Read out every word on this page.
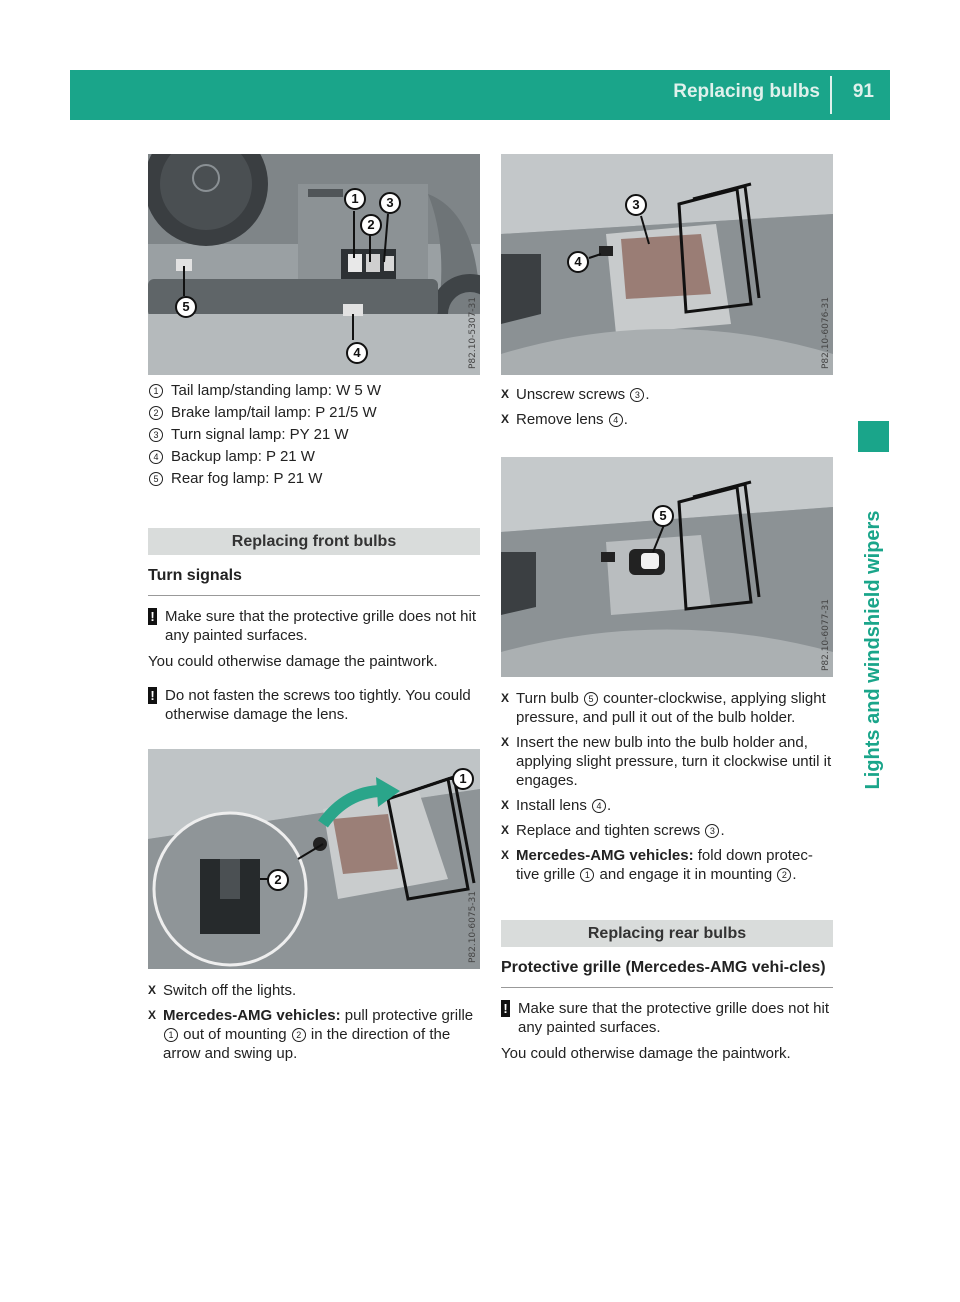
Replacing bulbs 91
Lights and windshield wipers
1
2
3
4
5	P82.10-5307-31
1 Tail lamp/standing lamp: W 5 W
2 Brake lamp/tail lamp: P 21/5 W
3 Turn signal lamp: PY 21 W
4 Backup lamp: P 21 W
5 Rear fog lamp: P 21 W
Replacing front bulbs
Turn signals
! Make sure that the protective grille does not hit any painted surfaces.

You could otherwise damage the paintwork.

! Do not fasten the screws too tightly. You could otherwise damage the lens.

1
2
P82.10-6075-31
X Switch off the lights.
X Mercedes-AMG vehicles: pull protective grille 1 out of mounting 2 in the direction of the arrow and swing up.
3
4
P82.10-6076-31
X Unscrew screws 3 .
X Remove lens 4 .
5
P82.10-6077-31
X Turn bulb 5 counter-clockwise, applying slight pressure, and pull it out of the bulb holder.
X Insert the new bulb into the bulb holder and, applying slight pressure, turn it clockwise until it engages.
X Install lens 4 .
X Replace and tighten screws 3 .
X Mercedes-AMG vehicles: fold down protec-tive grille 1 and engage it in mounting 2 .
Replacing rear bulbs
Protective grille (Mercedes-AMG vehi-cles)
! Make sure that the protective grille does not hit any painted surfaces.

You could otherwise damage the paintwork.
